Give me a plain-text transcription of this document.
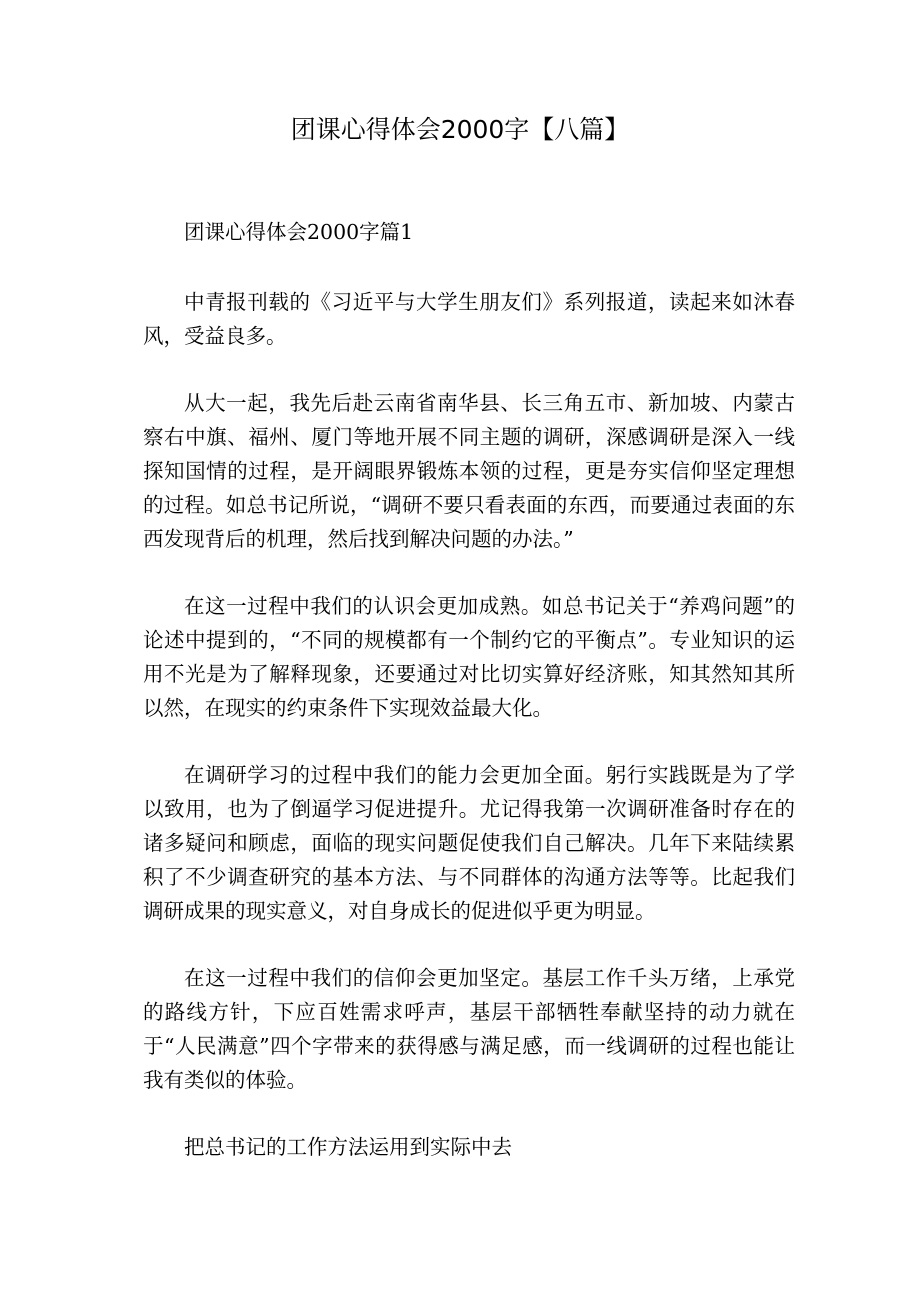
团课心得体会2000字【八篇】

团课心得体会2000字篇1

中青报刊载的《习近平与大学生朋友们》系列报道，读起来如沐春风，受益良多。

从大一起，我先后赴云南省南华县、长三角五市、新加坡、内蒙古察右中旗、福州、厦门等地开展不同主题的调研，深感调研是深入一线探知国情的过程，是开阔眼界锻炼本领的过程，更是夯实信仰坚定理想的过程。如总书记所说，“调研不要只看表面的东西，而要通过表面的东西发现背后的机理，然后找到解决问题的办法。”

在这一过程中我们的认识会更加成熟。如总书记关于“养鸡问题”的论述中提到的，“不同的规模都有一个制约它的平衡点”。专业知识的运用不光是为了解释现象，还要通过对比切实算好经济账，知其然知其所以然，在现实的约束条件下实现效益最大化。

在调研学习的过程中我们的能力会更加全面。躬行实践既是为了学以致用，也为了倒逼学习促进提升。尤记得我第一次调研准备时存在的诸多疑问和顾虑，面临的现实问题促使我们自己解决。几年下来陆续累积了不少调查研究的基本方法、与不同群体的沟通方法等等。比起我们调研成果的现实意义，对自身成长的促进似乎更为明显。

在这一过程中我们的信仰会更加坚定。基层工作千头万绪，上承党的路线方针，下应百姓需求呼声，基层干部牺牲奉献坚持的动力就在于“人民满意”四个字带来的获得感与满足感，而一线调研的过程也能让我有类似的体验。

把总书记的工作方法运用到实际中去
